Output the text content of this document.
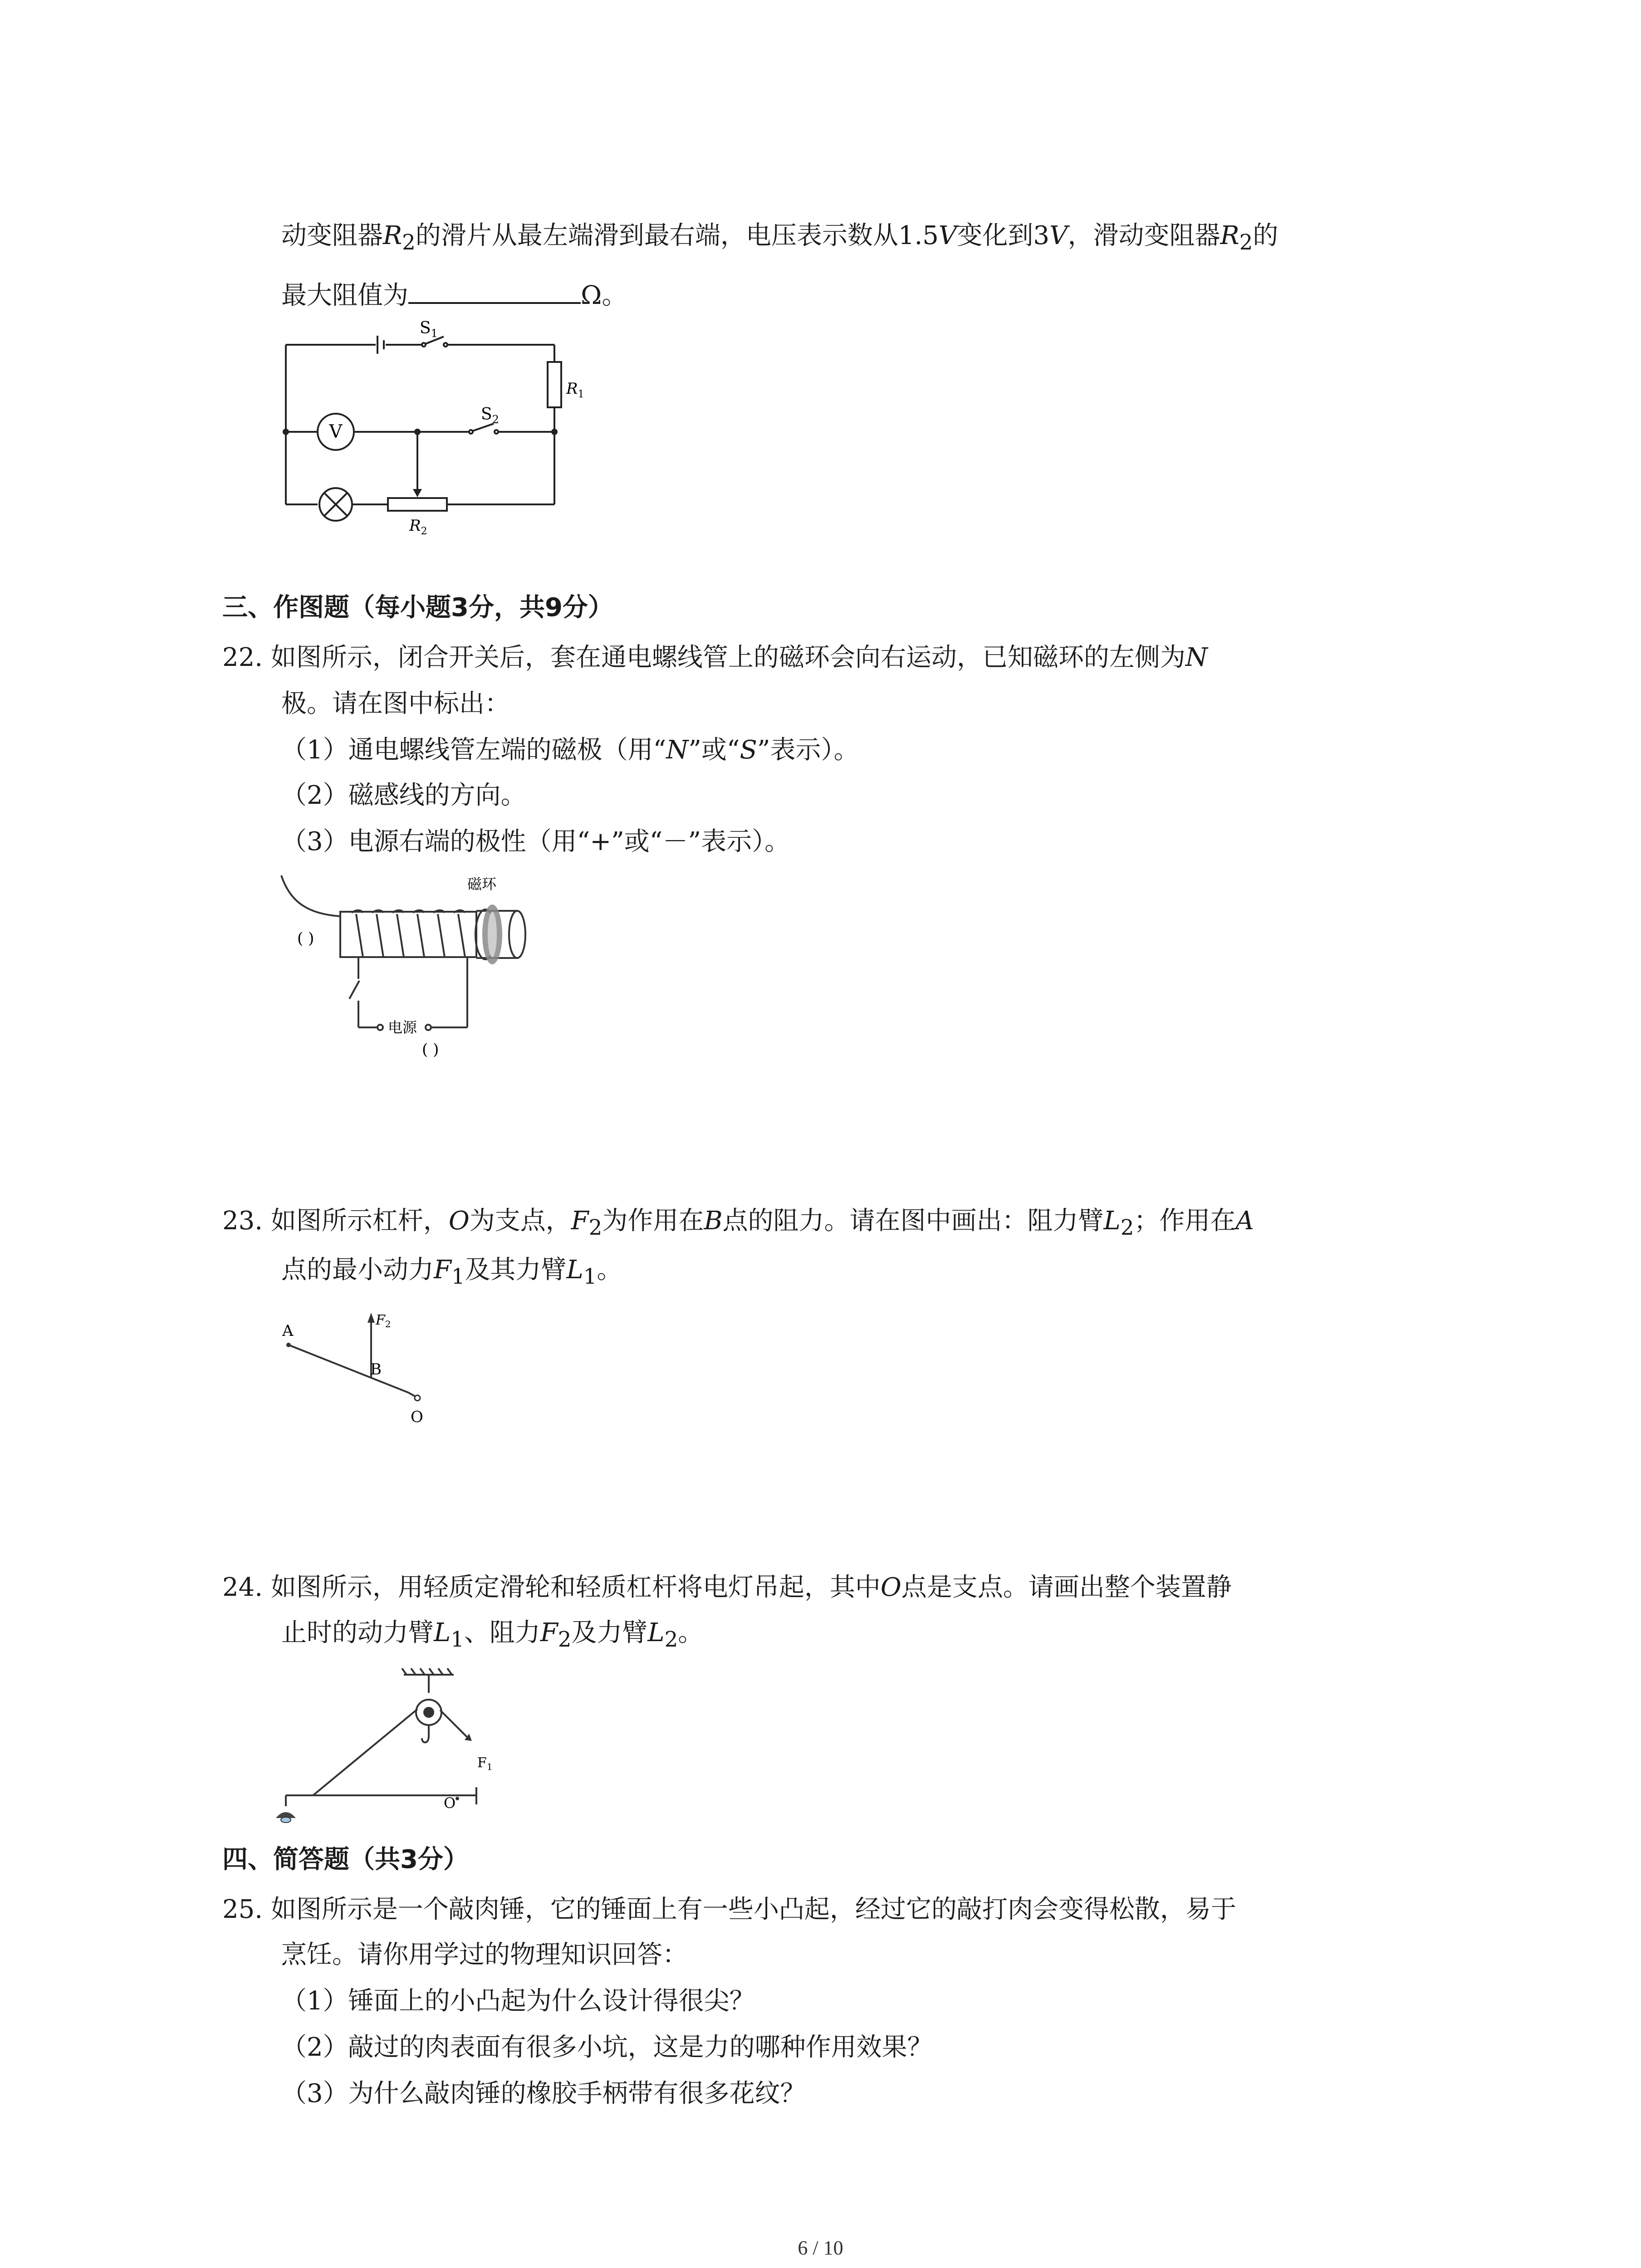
动变阻器$R_2$的滑片从最左端滑到最右端，电压表示数从1.5V变化到3V，滑动变阻器$R_2$的
最大阻值为	Ω。
$S_1$
$S_2$
$R_1$
$R_2$
V
三、作图题（每小题3分，共9分）
22. 如图所示，闭合开关后，套在通电螺线管上的磁环会向右运动，已知磁环的左侧为N
极。请在图中标出：
（1）通电螺线管左端的磁极（用“N”或“S”表示）。
（2）磁感线的方向。
（3）电源右端的极性（用“+”或“－”表示）。
磁环
电源
( )
( )
23. 如图所示杠杆，O为支点，$F_2$为作用在B点的阻力。请在图中画出：阻力臂$L_2$；作用在A
点的最小动力$F_1$及其力臂$L_1$。
A
B
O
$F_2$
24. 如图所示，用轻质定滑轮和轻质杠杆将电灯吊起，其中O点是支点。请画出整个装置静
止时的动力臂$L_1$、阻力$F_2$及力臂$L_2$。
O
$F_1$
四、简答题（共3分）
25. 如图所示是一个敲肉锤，它的锤面上有一些小凸起，经过它的敲打肉会变得松散，易于
烹饪。请你用学过的物理知识回答：
（1）锤面上的小凸起为什么设计得很尖？
（2）敲过的肉表面有很多小坑，这是力的哪种作用效果？
（3）为什么敲肉锤的橡胶手柄带有很多花纹？
6 / 10
